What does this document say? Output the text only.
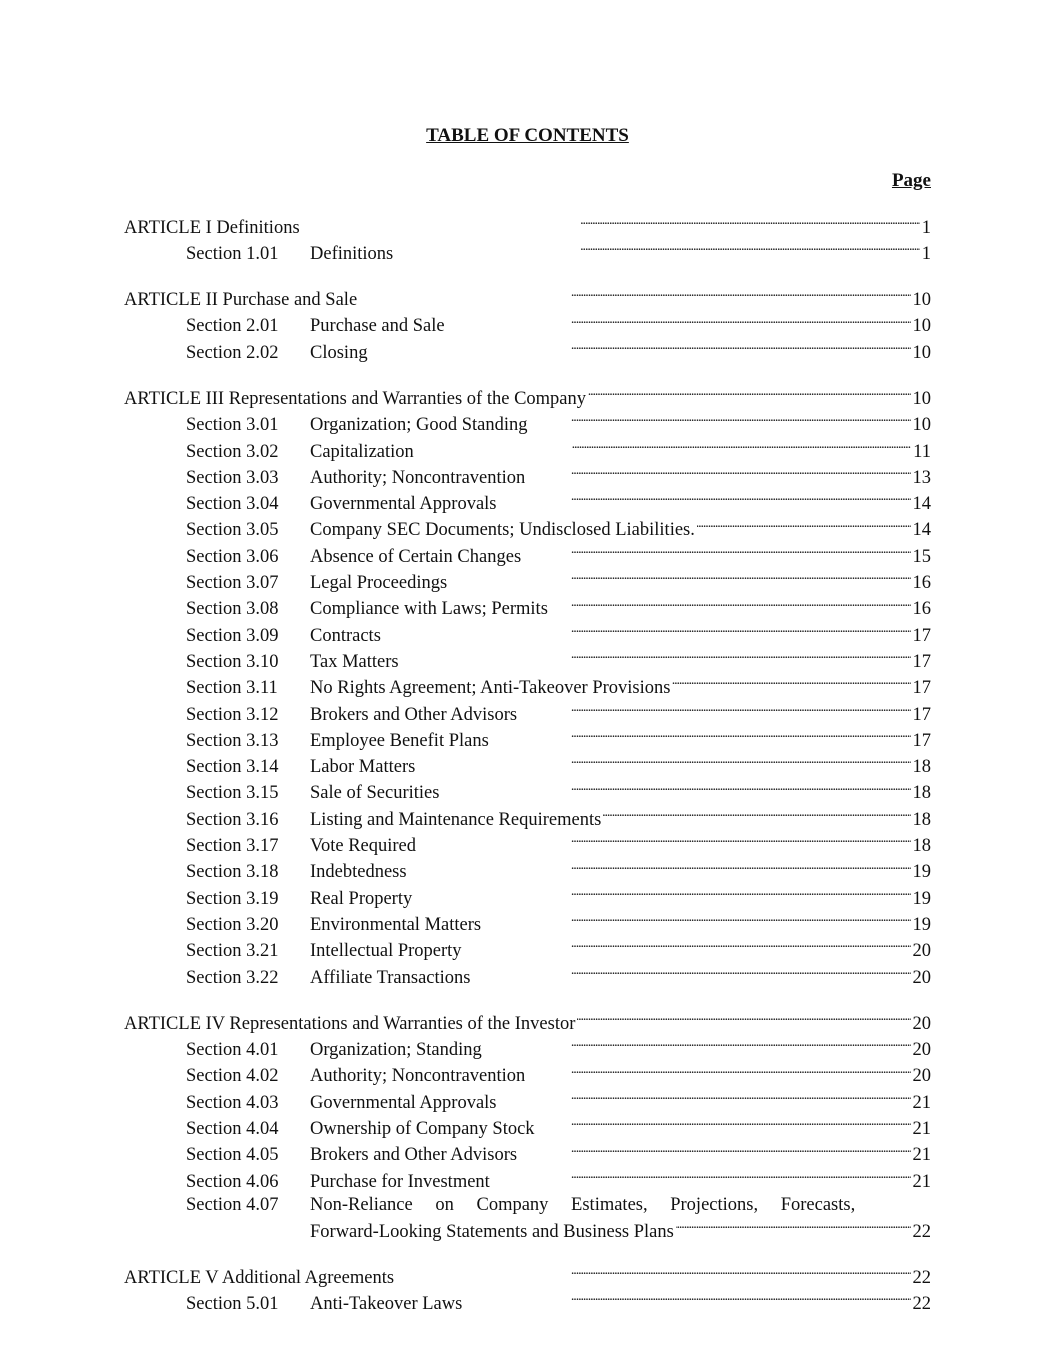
TABLE OF CONTENTS
Page
ARTICLE I Definitions . . .	1
Section 1.01	Definitions . . .	1
ARTICLE II Purchase and Sale . . .	10
Section 2.01	Purchase and Sale . . .	10
Section 2.02	Closing . . .	10
ARTICLE III Representations and Warranties of the Company . . .	10
Section 3.01	Organization; Good Standing . . .	10
Section 3.02	Capitalization . . .	11
Section 3.03	Authority; Noncontravention . . .	13
Section 3.04	Governmental Approvals . . .	14
Section 3.05	Company SEC Documents; Undisclosed Liabilities. . . .	14
Section 3.06	Absence of Certain Changes . . .	15
Section 3.07	Legal Proceedings . . .	16
Section 3.08	Compliance with Laws; Permits . . .	16
Section 3.09	Contracts . . .	17
Section 3.10	Tax Matters . . .	17
Section 3.11	No Rights Agreement; Anti-Takeover Provisions . . .	17
Section 3.12	Brokers and Other Advisors . . .	17
Section 3.13	Employee Benefit Plans . . .	17
Section 3.14	Labor Matters . . .	18
Section 3.15	Sale of Securities . . .	18
Section 3.16	Listing and Maintenance Requirements . . .	18
Section 3.17	Vote Required . . .	18
Section 3.18	Indebtedness . . .	19
Section 3.19	Real Property . . .	19
Section 3.20	Environmental Matters . . .	19
Section 3.21	Intellectual Property . . .	20
Section 3.22	Affiliate Transactions . . .	20
ARTICLE IV Representations and Warranties of the Investor . . .	20
Section 4.01	Organization; Standing . . .	20
Section 4.02	Authority; Noncontravention . . .	20
Section 4.03	Governmental Approvals . . .	21
Section 4.04	Ownership of Company Stock . . .	21
Section 4.05	Brokers and Other Advisors . . .	21
Section 4.06	Purchase for Investment . . .	21
Section 4.07	Non-Reliance on Company Estimates, Projections, Forecasts,
Forward-Looking Statements and Business Plans . . .	22
ARTICLE V Additional Agreements . . .	22
Section 5.01	Anti-Takeover Laws . . .	22
